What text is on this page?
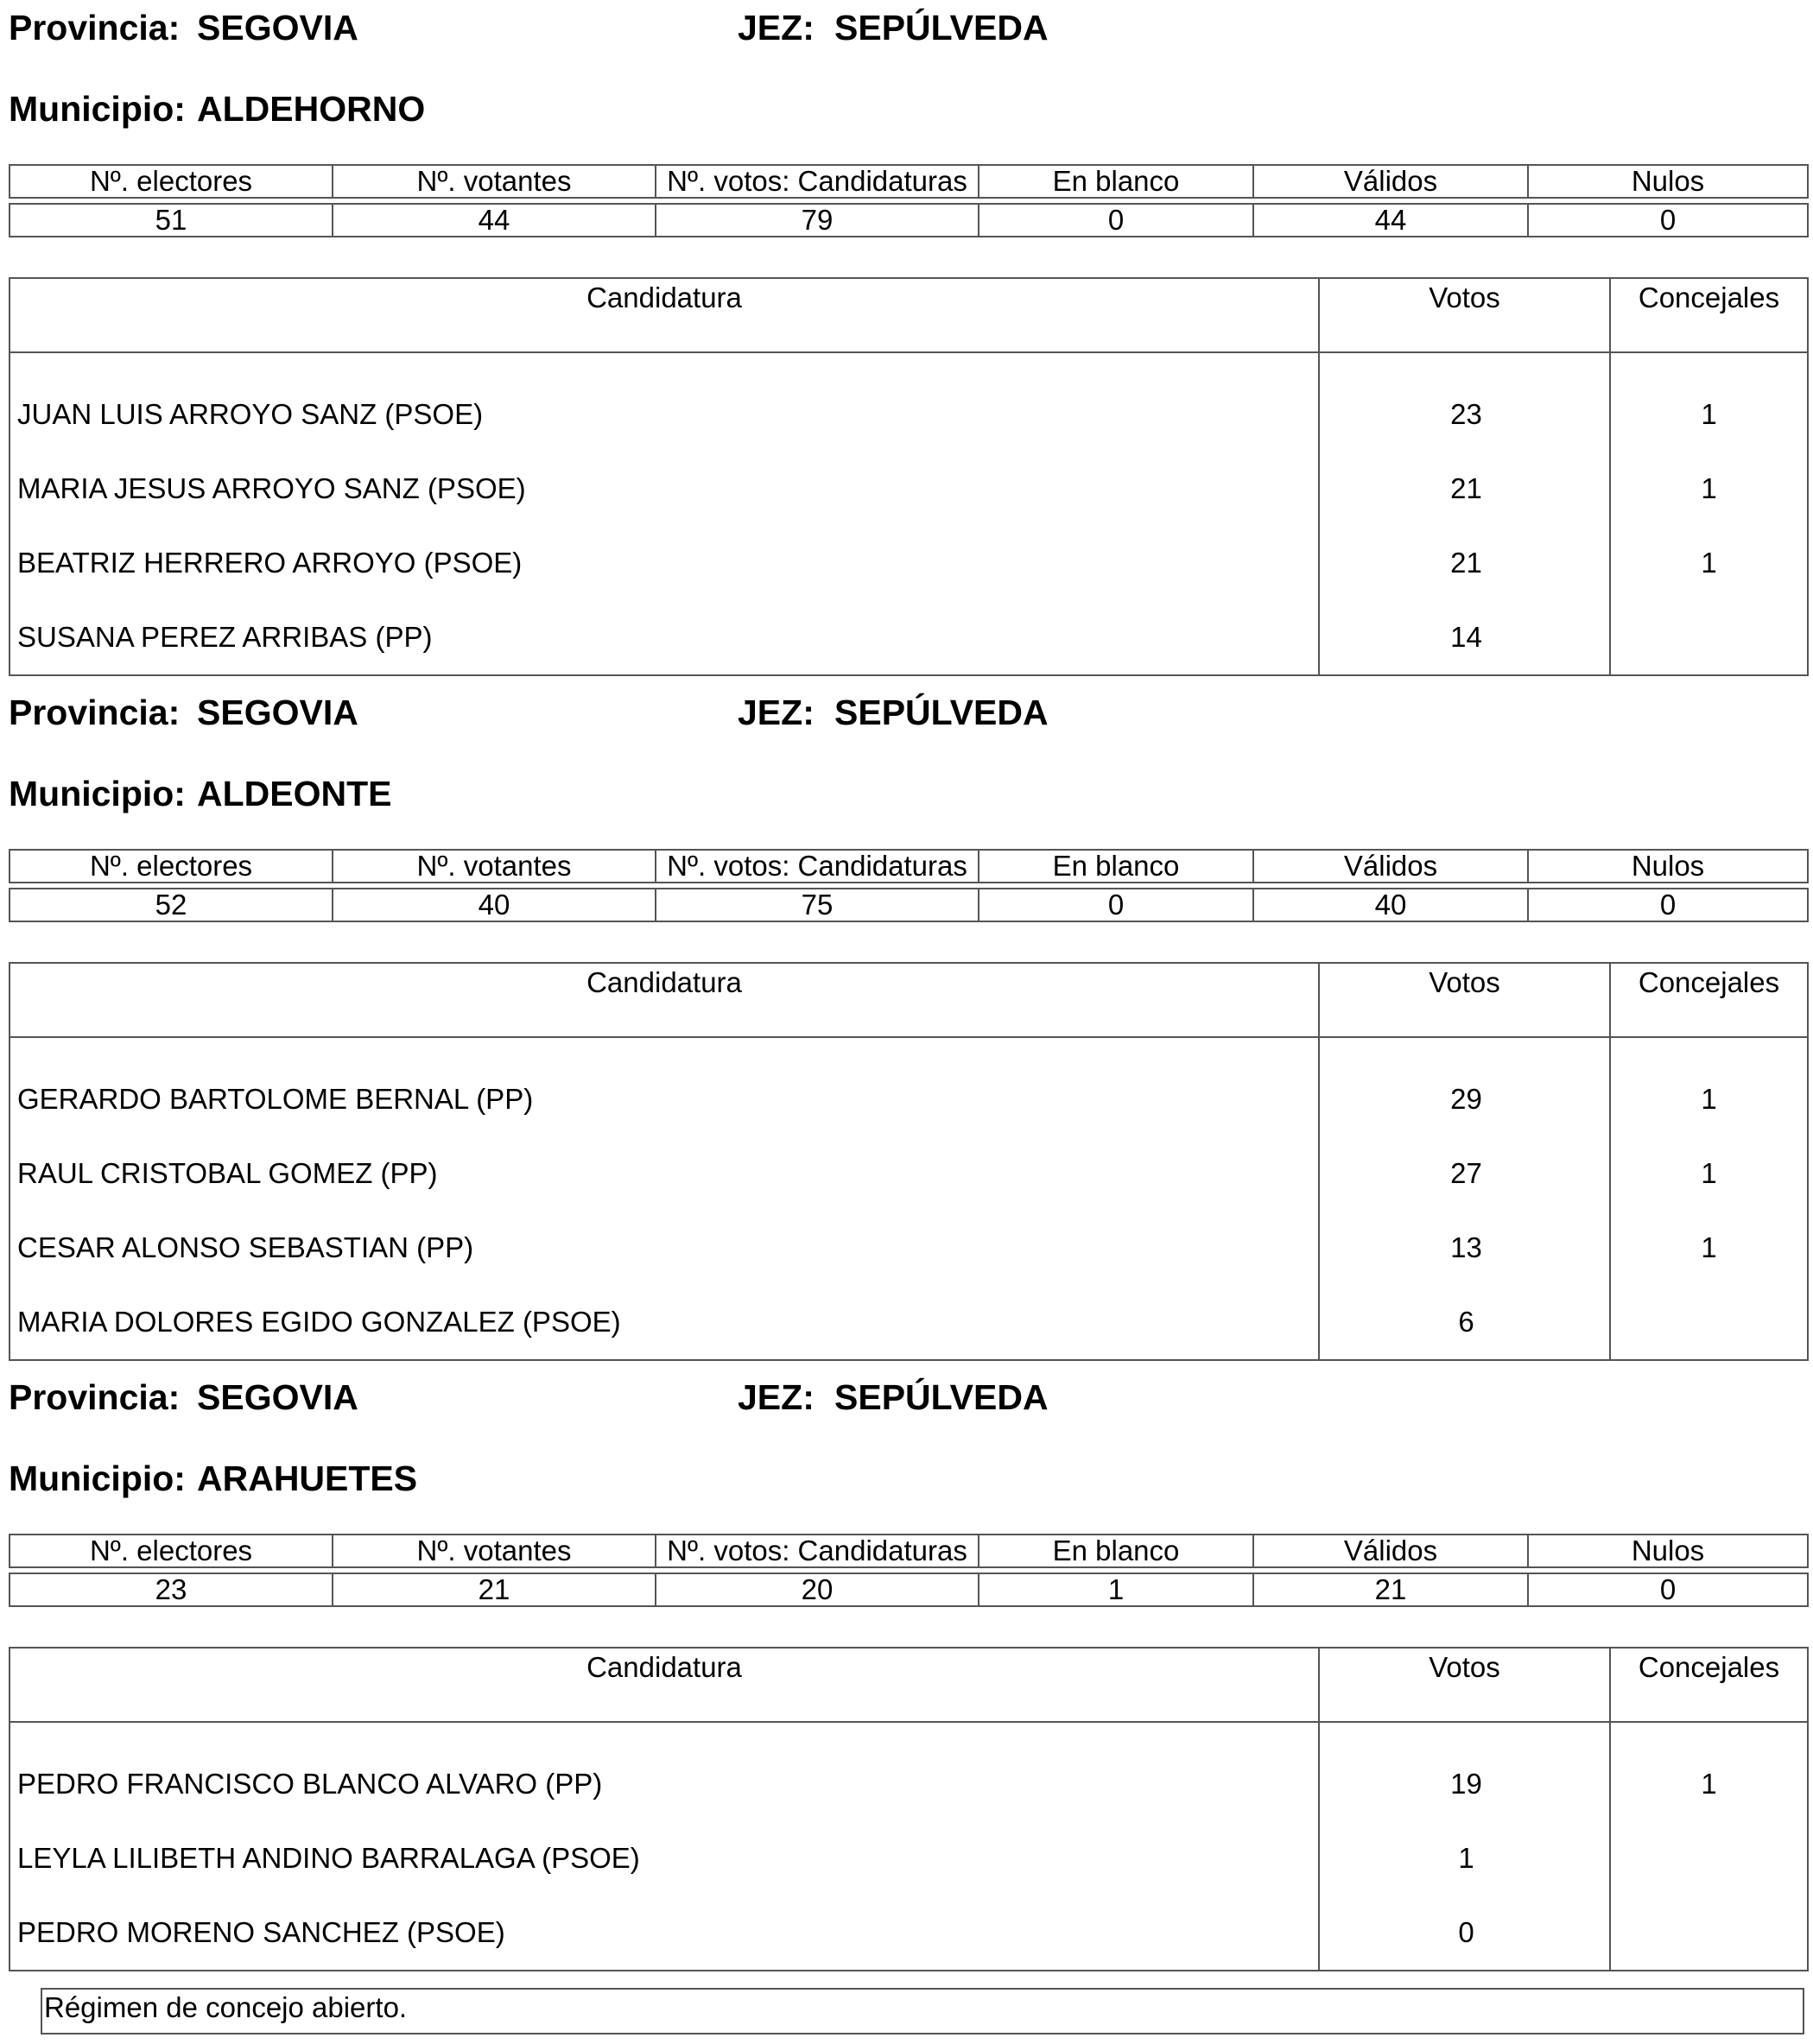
Provincia: SEGOVIA	JEZ: SEPÚLVEDA
Municipio: ALDEHORNO
Nº. electores	Nº. votantes	Nº. votos: Candidaturas	En blanco	Válidos	Nulos

51	44	79	0	44	0
Candidatura	Votos	Concejales

JUAN LUIS ARROYO SANZ (PSOE)	23	1
MARIA JESUS ARROYO SANZ (PSOE)	21	1
BEATRIZ HERRERO ARROYO (PSOE)	21	1
SUSANA PEREZ ARRIBAS (PP)	14	
Provincia: SEGOVIA	JEZ: SEPÚLVEDA
Municipio: ALDEONTE
Nº. electores	Nº. votantes	Nº. votos: Candidaturas	En blanco	Válidos	Nulos

52	40	75	0	40	0
Candidatura	Votos	Concejales

GERARDO BARTOLOME BERNAL (PP)	29	1
RAUL CRISTOBAL GOMEZ (PP)	27	1
CESAR ALONSO SEBASTIAN (PP)	13	1
MARIA DOLORES EGIDO GONZALEZ (PSOE)	6	
Provincia: SEGOVIA	JEZ: SEPÚLVEDA
Municipio: ARAHUETES
Nº. electores	Nº. votantes	Nº. votos: Candidaturas	En blanco	Válidos	Nulos

23	21	20	1	21	0
Candidatura	Votos	Concejales

PEDRO FRANCISCO BLANCO ALVARO (PP)	19	1
LEYLA LILIBETH ANDINO BARRALAGA (PSOE)	1	
PEDRO MORENO SANCHEZ (PSOE)	0	
Régimen de concejo abierto.
